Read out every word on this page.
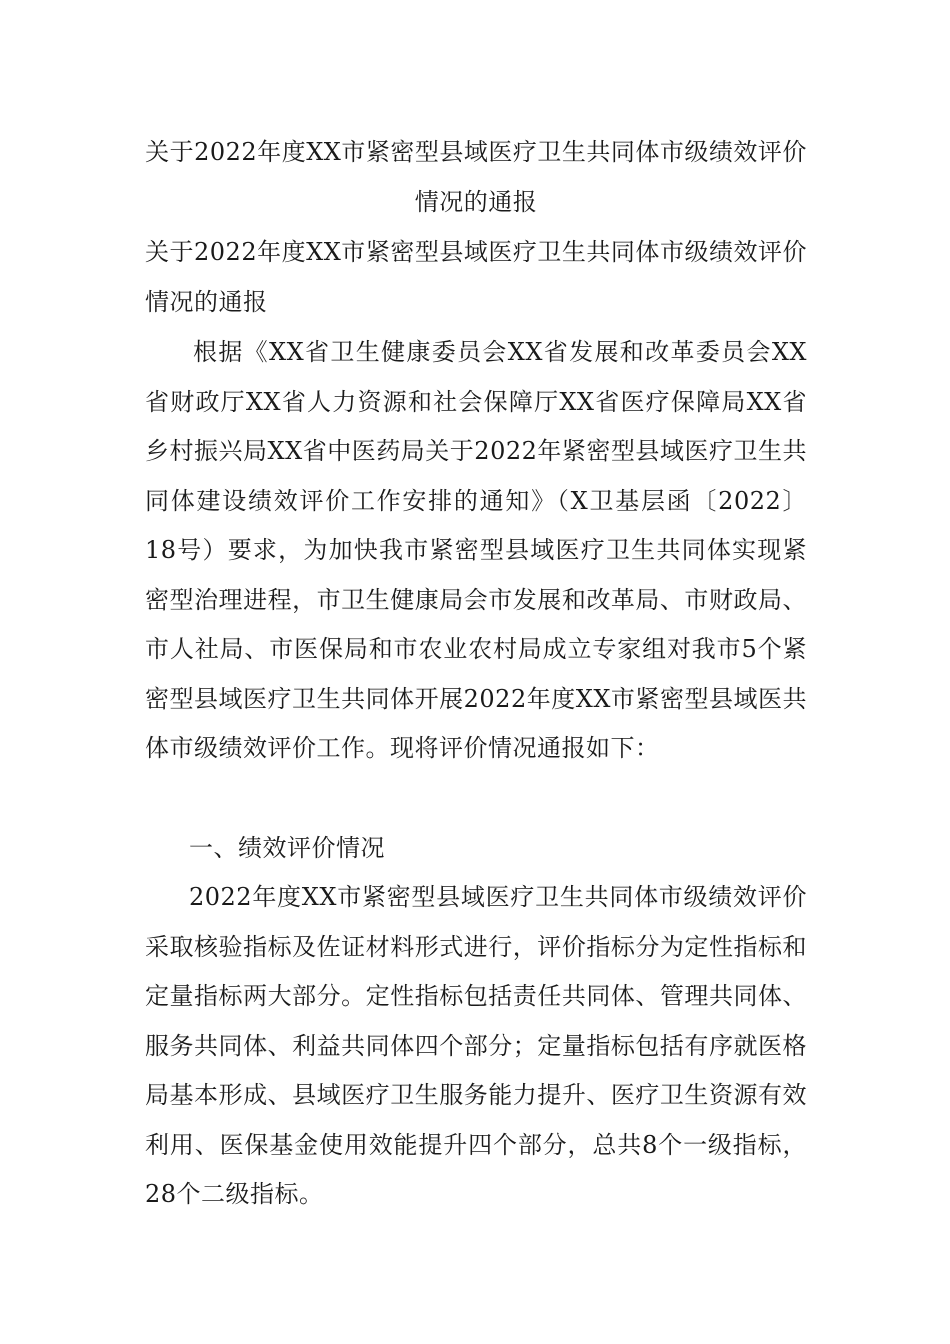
关于2022年度XX市紧密型县域医疗卫生共同体市级绩效评价情况的通报

关于2022年度XX市紧密型县域医疗卫生共同体市级绩效评价情况的通报

根据《XX省卫生健康委员会XX省发展和改革委员会XX省财政厅XX省人力资源和社会保障厅XX省医疗保障局XX省乡村振兴局XX省中医药局关于2022年紧密型县域医疗卫生共同体建设绩效评价工作安排的通知》（X卫基层函〔2022〕18号）要求，为加快我市紧密型县域医疗卫生共同体实现紧密型治理进程，市卫生健康局会市发展和改革局、市财政局、市人社局、市医保局和市农业农村局成立专家组对我市5个紧密型县域医疗卫生共同体开展2022年度XX市紧密型县域医共体市级绩效评价工作。现将评价情况通报如下：

一、绩效评价情况

2022年度XX市紧密型县域医疗卫生共同体市级绩效评价采取核验指标及佐证材料形式进行，评价指标分为定性指标和定量指标两大部分。定性指标包括责任共同体、管理共同体、服务共同体、利益共同体四个部分；定量指标包括有序就医格局基本形成、县域医疗卫生服务能力提升、医疗卫生资源有效利用、医保基金使用效能提升四个部分，总共8个一级指标，28个二级指标。
